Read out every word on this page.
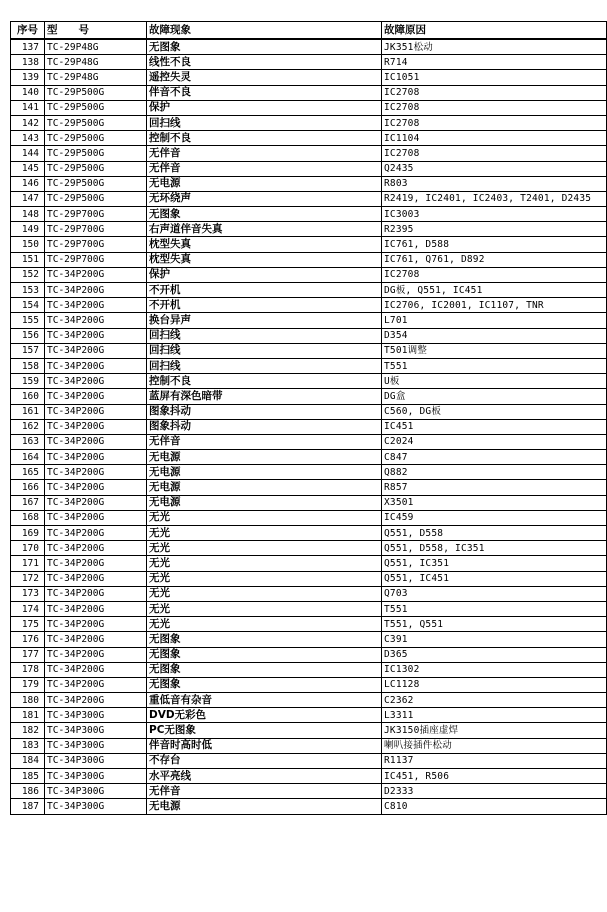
序号	型　　号	故障现象	故障原因
137	TC-29P48G	无图象	JK351松动
138	TC-29P48G	线性不良	R714
139	TC-29P48G	遥控失灵	IC1051
140	TC-29P500G	伴音不良	IC2708
141	TC-29P500G	保护	IC2708
142	TC-29P500G	回扫线	IC2708
143	TC-29P500G	控制不良	IC1104
144	TC-29P500G	无伴音	IC2708
145	TC-29P500G	无伴音	Q2435
146	TC-29P500G	无电源	R803
147	TC-29P500G	无环绕声	R2419, IC2401, IC2403, T2401, D2435
148	TC-29P700G	无图象	IC3003
149	TC-29P700G	右声道伴音失真	R2395
150	TC-29P700G	枕型失真	IC761, D588
151	TC-29P700G	枕型失真	IC761, Q761, D892
152	TC-34P200G	保护	IC2708
153	TC-34P200G	不开机	DG板, Q551, IC451
154	TC-34P200G	不开机	IC2706, IC2001, IC1107, TNR
155	TC-34P200G	换台异声	L701
156	TC-34P200G	回扫线	D354
157	TC-34P200G	回扫线	T501调整
158	TC-34P200G	回扫线	T551
159	TC-34P200G	控制不良	U板
160	TC-34P200G	蓝屏有深色暗带	DG盒
161	TC-34P200G	图象抖动	C560, DG板
162	TC-34P200G	图象抖动	IC451
163	TC-34P200G	无伴音	C2024
164	TC-34P200G	无电源	C847
165	TC-34P200G	无电源	Q882
166	TC-34P200G	无电源	R857
167	TC-34P200G	无电源	X3501
168	TC-34P200G	无光	IC459
169	TC-34P200G	无光	Q551, D558
170	TC-34P200G	无光	Q551, D558, IC351
171	TC-34P200G	无光	Q551, IC351
172	TC-34P200G	无光	Q551, IC451
173	TC-34P200G	无光	Q703
174	TC-34P200G	无光	T551
175	TC-34P200G	无光	T551, Q551
176	TC-34P200G	无图象	C391
177	TC-34P200G	无图象	D365
178	TC-34P200G	无图象	IC1302
179	TC-34P200G	无图象	LC1128
180	TC-34P200G	重低音有杂音	C2362
181	TC-34P300G	DVD无彩色	L3311
182	TC-34P300G	PC无图象	JK3150插座虚焊
183	TC-34P300G	伴音时高时低	喇叭接插件松动
184	TC-34P300G	不存台	R1137
185	TC-34P300G	水平亮线	IC451, R506
186	TC-34P300G	无伴音	D2333
187	TC-34P300G	无电源	C810
